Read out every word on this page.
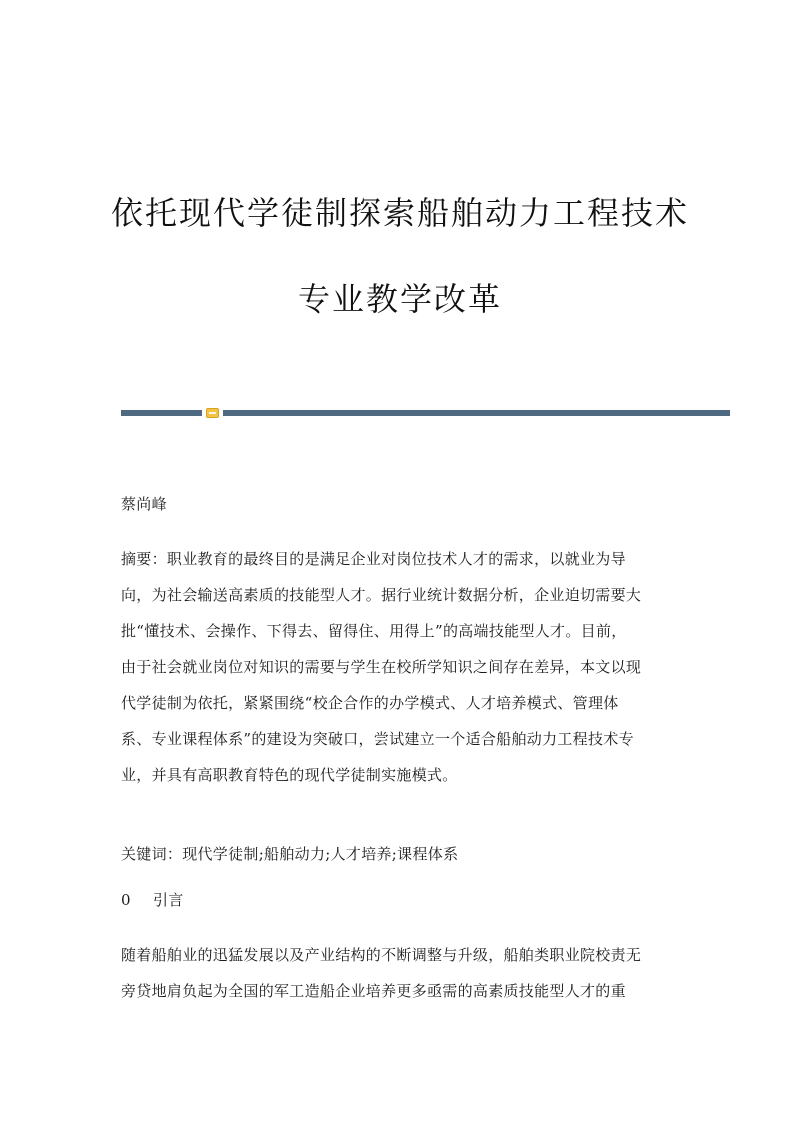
依托现代学徒制探索船舶动力工程技术
专业教学改革
蔡尚峰
摘要：职业教育的最终目的是满足企业对岗位技术人才的需求，以就业为导
向，为社会输送高素质的技能型人才。据行业统计数据分析，企业迫切需要大
批“懂技术、会操作、下得去、留得住、用得上”的高端技能型人才。目前，
由于社会就业岗位对知识的需要与学生在校所学知识之间存在差异，本文以现
代学徒制为依托，紧紧围绕“校企合作的办学模式、人才培养模式、管理体
系、专业课程体系”的建设为突破口，尝试建立一个适合船舶动力工程技术专
业，并具有高职教育特色的现代学徒制实施模式。
关键词：现代学徒制;船舶动力;人才培养;课程体系
0 引言
随着船舶业的迅猛发展以及产业结构的不断调整与升级，船舶类职业院校责无
旁贷地肩负起为全国的军工造船企业培养更多亟需的高素质技能型人才的重
